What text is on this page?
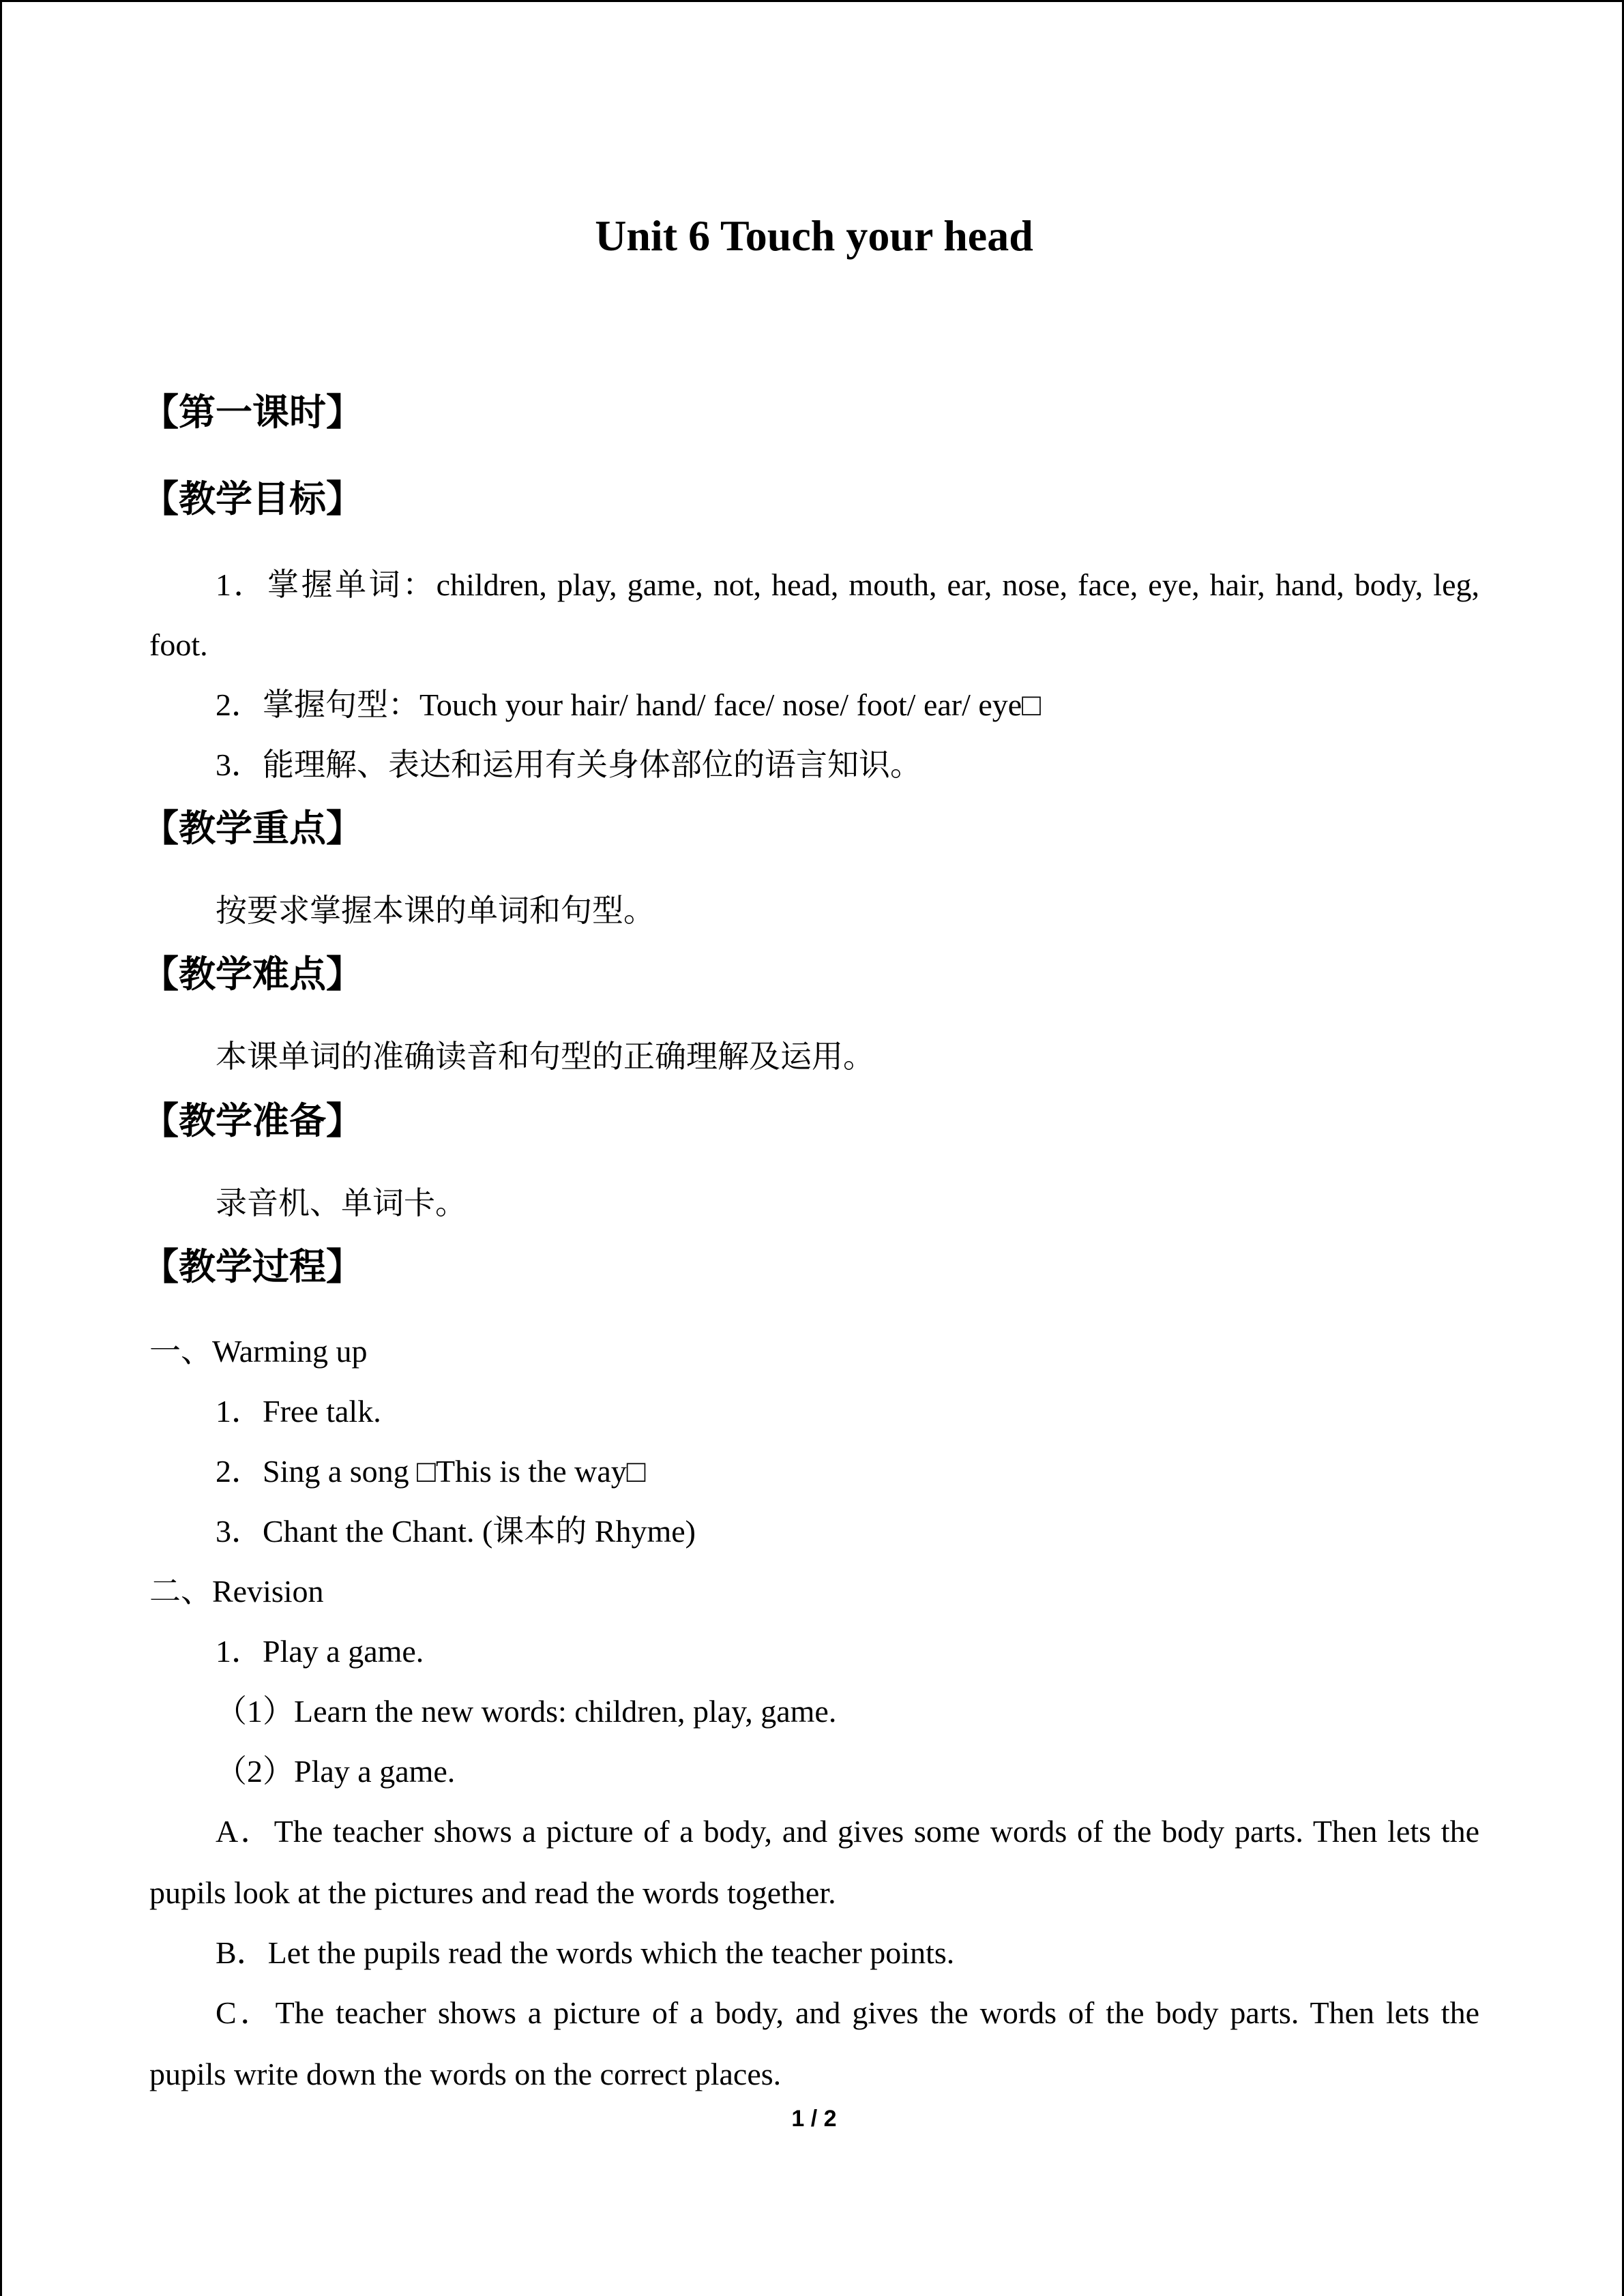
Unit 6 Touch your head
【第一课时】
【教学目标】
1．掌握单词：children, play, game, not, head, mouth, ear, nose, face, eye, hair, hand, body, leg,
foot.
2．掌握句型：Touch your hair/ hand/ face/ nose/ foot/ ear/ eye□
3．能理解、表达和运用有关身体部位的语言知识。
【教学重点】
按要求掌握本课的单词和句型。
【教学难点】
本课单词的准确读音和句型的正确理解及运用。
【教学准备】
录音机、单词卡。
【教学过程】
一、Warming up
1．Free talk.
2．Sing a song □This is the way□
3．Chant the Chant. (课本的 Rhyme)
二、Revision
1．Play a game.
（1）Learn the new words: children, play, game.
（2）Play a game.
A．The teacher shows a picture of a body, and gives some words of the body parts. Then lets the
pupils look at the pictures and read the words together.
B．Let the pupils read the words which the teacher points.
C．The teacher shows a picture of a body, and gives the words of the body parts. Then lets the
pupils write down the words on the correct places.
1 / 2
